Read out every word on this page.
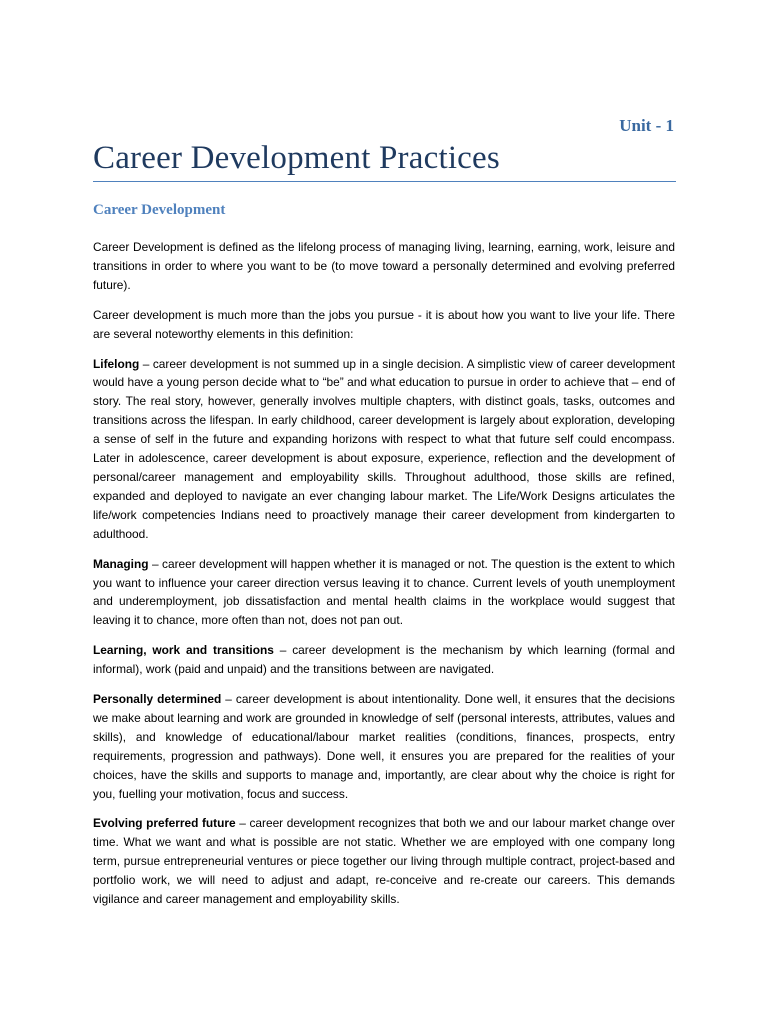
Unit - 1
Career Development Practices
Career Development

Career Development is defined as the lifelong process of managing living, learning, earning, work, leisure and transitions in order to where you want to be (to move toward a personally determined and evolving preferred future).

Career development is much more than the jobs you pursue - it is about how you want to live your life. There are several noteworthy elements in this definition:

Lifelong – career development is not summed up in a single decision. A simplistic view of career development would have a young person decide what to “be” and what education to pursue in order to achieve that – end of story. The real story, however, generally involves multiple chapters, with distinct goals, tasks, outcomes and transitions across the lifespan. In early childhood, career development is largely about exploration, developing a sense of self in the future and expanding horizons with respect to what that future self could encompass. Later in adolescence, career development is about exposure, experience, reflection and the development of personal/career management and employability skills. Throughout adulthood, those skills are refined, expanded and deployed to navigate an ever changing labour market. The Life/Work Designs articulates the life/work competencies Indians need to proactively manage their career development from kindergarten to adulthood.

Managing – career development will happen whether it is managed or not. The question is the extent to which you want to influence your career direction versus leaving it to chance. Current levels of youth unemployment and underemployment, job dissatisfaction and mental health claims in the workplace would suggest that leaving it to chance, more often than not, does not pan out.

Learning, work and transitions – career development is the mechanism by which learning (formal and informal), work (paid and unpaid) and the transitions between are navigated.

Personally determined – career development is about intentionality. Done well, it ensures that the decisions we make about learning and work are grounded in knowledge of self (personal interests, attributes, values and skills), and knowledge of educational/labour market realities (conditions, finances, prospects, entry requirements, progression and pathways). Done well, it ensures you are prepared for the realities of your choices, have the skills and supports to manage and, importantly, are clear about why the choice is right for you, fuelling your motivation, focus and success.

Evolving preferred future – career development recognizes that both we and our labour market change over time. What we want and what is possible are not static. Whether we are employed with one company long term, pursue entrepreneurial ventures or piece together our living through multiple contract, project-based and portfolio work, we will need to adjust and adapt, re-conceive and re-create our careers. This demands vigilance and career management and employability skills.
